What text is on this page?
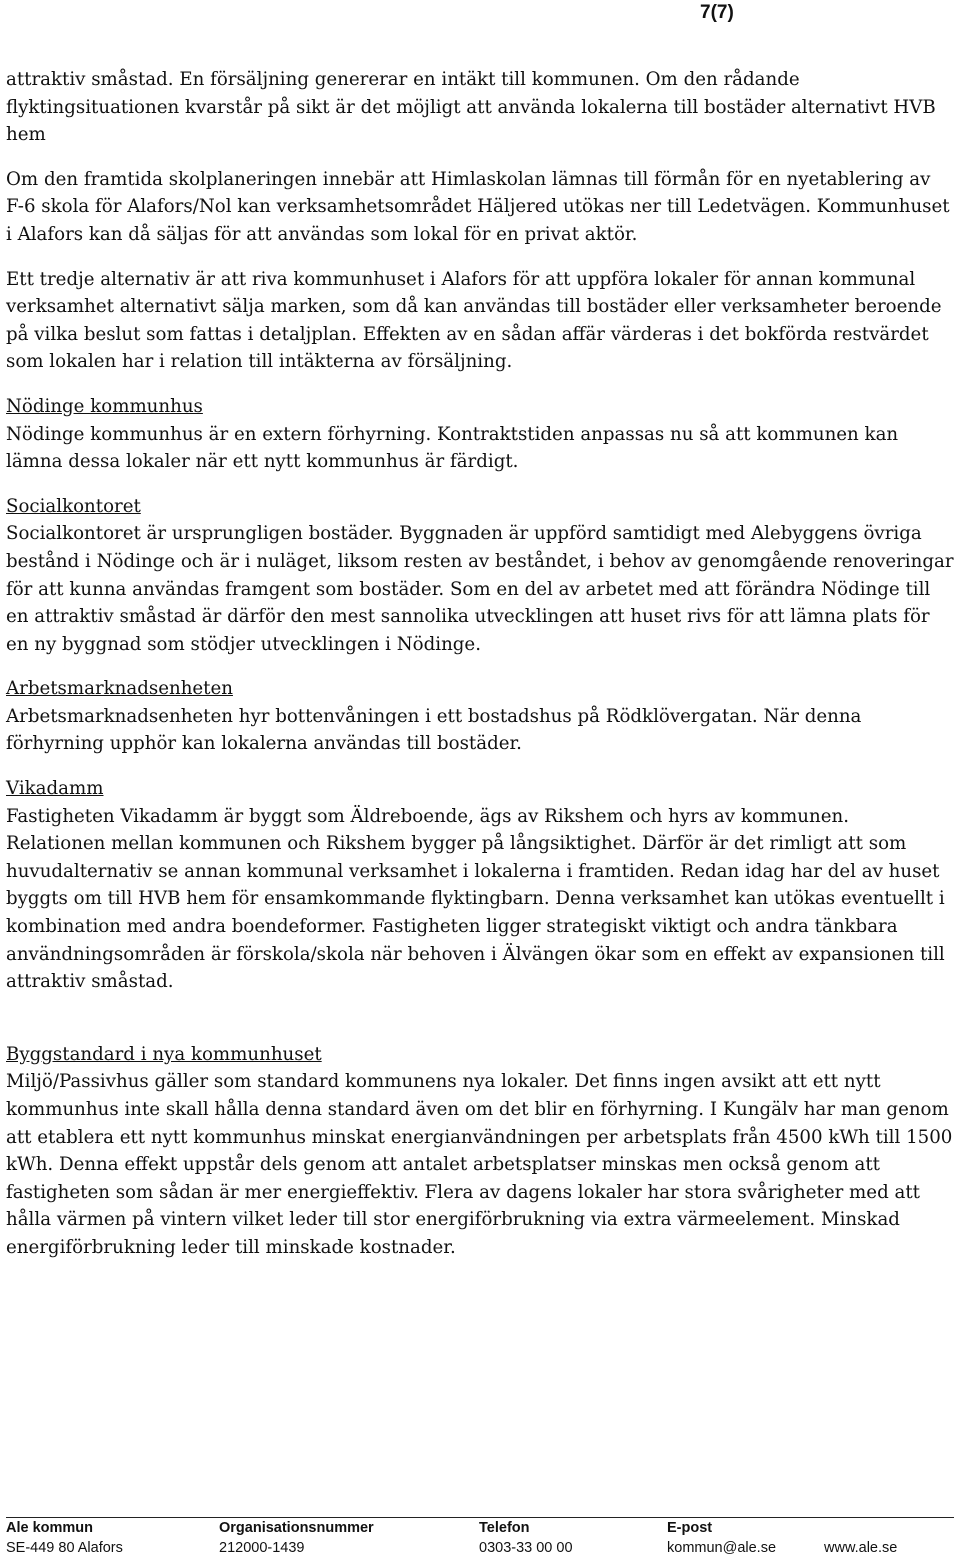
7(7)

attraktiv småstad. En försäljning genererar en intäkt till kommunen. Om den rådande flyktingsituationen kvarstår på sikt är det möjligt att använda lokalerna till bostäder alternativt HVB hem

Om den framtida skolplaneringen innebär att Himlaskolan lämnas till förmån för en nyetablering av F-6 skola för Alafors/Nol kan verksamhetsområdet Häljered utökas ner till Ledetvägen. Kommunhuset i Alafors kan då säljas för att användas som lokal för en privat aktör.

Ett tredje alternativ är att riva kommunhuset i Alafors för att uppföra lokaler för annan kommunal verksamhet alternativt sälja marken, som då kan användas till bostäder eller verksamheter beroende på vilka beslut som fattas i detaljplan. Effekten av en sådan affär värderas i det bokförda restvärdet som lokalen har i relation till intäkterna av försäljning.

Nödinge kommunhus
Nödinge kommunhus är en extern förhyrning. Kontraktstiden anpassas nu så att kommunen kan lämna dessa lokaler när ett nytt kommunhus är färdigt.
Socialkontoret
Socialkontoret är ursprungligen bostäder. Byggnaden är uppförd samtidigt med Alebyggens övriga bestånd i Nödinge och är i nuläget, liksom resten av beståndet, i behov av genomgående renoveringar för att kunna användas framgent som bostäder. Som en del av arbetet med att förändra Nödinge till en attraktiv småstad är därför den mest sannolika utvecklingen att huset rivs för att lämna plats för en ny byggnad som stödjer utvecklingen i Nödinge.
Arbetsmarknadsenheten
Arbetsmarknadsenheten hyr bottenvåningen i ett bostadshus på Rödklövergatan. När denna förhyrning upphör kan lokalerna användas till bostäder.
Vikadamm
Fastigheten Vikadamm är byggt som Äldreboende, ägs av Rikshem och hyrs av kommunen. Relationen mellan kommunen och Rikshem bygger på långsiktighet. Därför är det rimligt att som huvudalternativ se annan kommunal verksamhet i lokalerna i framtiden. Redan idag har del av huset byggts om till HVB hem för ensamkommande flyktingbarn. Denna verksamhet kan utökas eventuellt i kombination med andra boendeformer. Fastigheten ligger strategiskt viktigt och andra tänkbara användningsområden är förskola/skola när behoven i Älvängen ökar som en effekt av expansionen till attraktiv småstad.
Byggstandard i nya kommunhuset
Miljö/Passivhus gäller som standard kommunens nya lokaler. Det finns ingen avsikt att ett nytt kommunhus inte skall hålla denna standard även om det blir en förhyrning. I Kungälv har man genom att etablera ett nytt kommunhus minskat energianvändningen per arbetsplats från 4500 kWh till 1500 kWh. Denna effekt uppstår dels genom att antalet arbetsplatser minskas men också genom att fastigheten som sådan är mer energieffektiv. Flera av dagens lokaler har stora svårigheter med att hålla värmen på vintern vilket leder till stor energiförbrukning via extra värmeelement. Minskad energiförbrukning leder till minskade kostnader.
Ale kommun	Organisationsnummer	Telefon	E-post
SE-449 80 Alafors	212000-1439	0303-33 00 00	kommun@ale.se	www.ale.se
